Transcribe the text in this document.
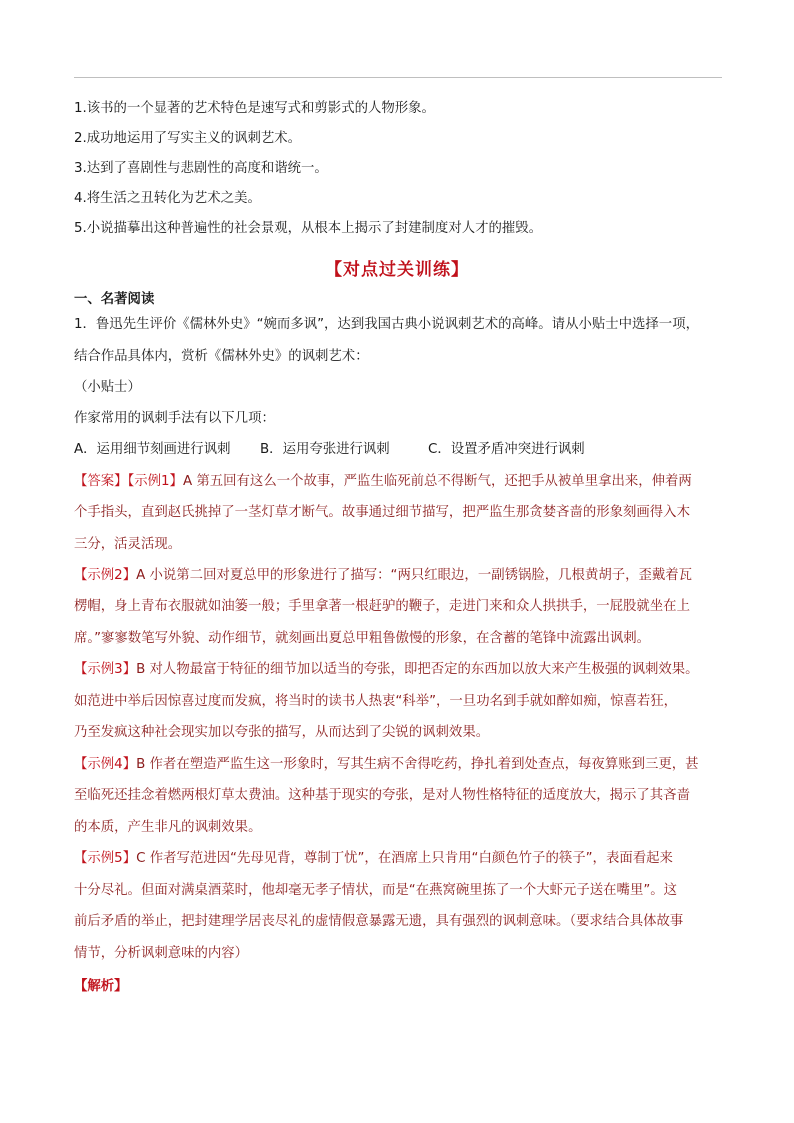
1.该书的一个显著的艺术特色是速写式和剪影式的人物形象。
2.成功地运用了写实主义的讽刺艺术。
3.达到了喜剧性与悲剧性的高度和谐统一。
4.将生活之丑转化为艺术之美。
5.小说描摹出这种普遍性的社会景观，从根本上揭示了封建制度对人才的摧毁。
【对点过关训练】
一、名著阅读
1．鲁迅先生评价《儒林外史》“婉而多讽”，达到我国古典小说讽刺艺术的高峰。请从小贴士中选择一项，
结合作品具体内，赏析《儒林外史》的讽刺艺术：
（小贴士）
作家常用的讽刺手法有以下几项：
A．运用细节刻画进行讽刺 B．运用夸张进行讽刺	C．设置矛盾冲突进行讽刺
【答案】【示例1】A 第五回有这么一个故事，严监生临死前总不得断气，还把手从被单里拿出来，伸着两
个手指头，直到赵氏挑掉了一茎灯草才断气。故事通过细节描写，把严监生那贪婪吝啬的形象刻画得入木
三分，活灵活现。
【示例2】A 小说第二回对夏总甲的形象进行了描写：“两只红眼边，一副锈锅脸，几根黄胡子，歪戴着瓦
楞帽，身上青布衣服就如油篓一般；手里拿著一根赶驴的鞭子，走进门来和众人拱拱手，一屁股就坐在上
席。”寥寥数笔写外貌、动作细节，就刻画出夏总甲粗鲁傲慢的形象，在含蓄的笔锋中流露出讽刺。
【示例3】B 对人物最富于特征的细节加以适当的夸张，即把否定的东西加以放大来产生极强的讽刺效果。
如范进中举后因惊喜过度而发疯，将当时的读书人热衷“科举”，一旦功名到手就如醉如痴，惊喜若狂，
乃至发疯这种社会现实加以夸张的描写，从而达到了尖锐的讽刺效果。
【示例4】B 作者在塑造严监生这一形象时，写其生病不舍得吃药，挣扎着到处查点，每夜算账到三更，甚
至临死还挂念着燃两根灯草太费油。这种基于现实的夸张，是对人物性格特征的适度放大，揭示了其吝啬
的本质，产生非凡的讽刺效果。
【示例5】C 作者写范进因“先母见背，尊制丁忧”，在酒席上只肯用“白颜色竹子的筷子”，表面看起来
十分尽礼。但面对满桌酒菜时，他却毫无孝子情状，而是“在燕窝碗里拣了一个大虾元子送在嘴里”。这
前后矛盾的举止，把封建理学居丧尽礼的虚情假意暴露无遗，具有强烈的讽刺意味。（要求结合具体故事
情节，分析讽刺意味的内容）
【解析】
